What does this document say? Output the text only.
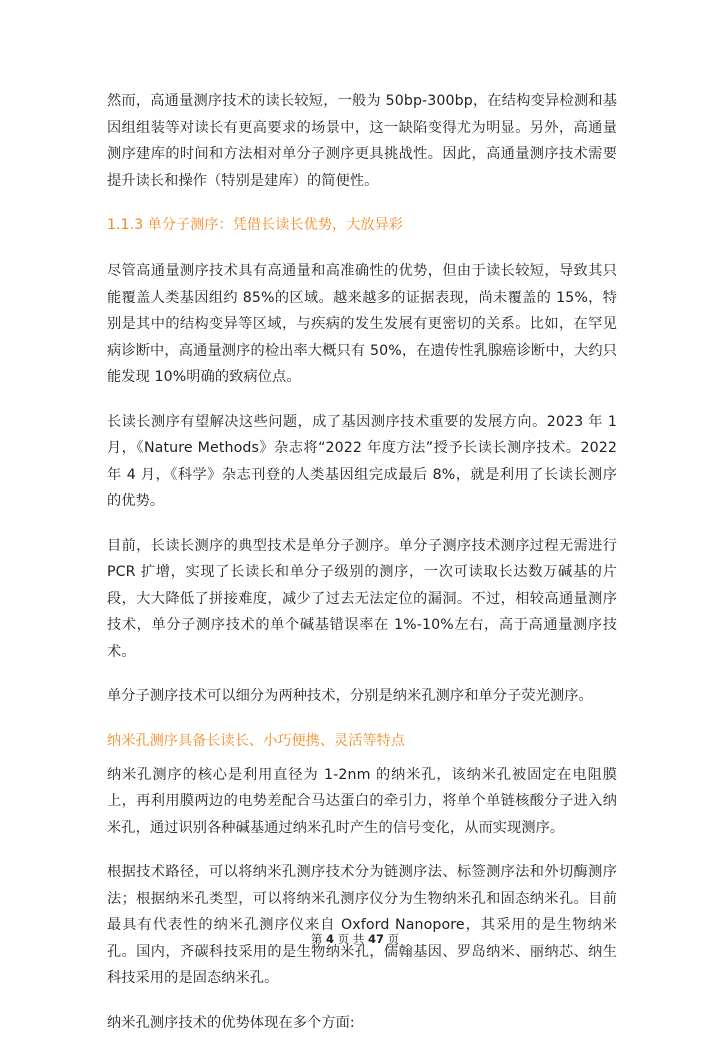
然而，高通量测序技术的读长较短，一般为 50bp-300bp，在结构变异检测和基因组组装等对读长有更高要求的场景中，这一缺陷变得尤为明显。另外，高通量测序建库的时间和方法相对单分子测序更具挑战性。因此，高通量测序技术需要提升读长和操作（特别是建库）的简便性。

1.1.3 单分子测序：凭借长读长优势，大放异彩

尽管高通量测序技术具有高通量和高准确性的优势，但由于读长较短，导致其只能覆盖人类基因组约 85%的区域。越来越多的证据表现，尚未覆盖的 15%，特别是其中的结构变异等区域，与疾病的发生发展有更密切的关系。比如，在罕见病诊断中，高通量测序的检出率大概只有 50%，在遗传性乳腺癌诊断中，大约只能发现 10%明确的致病位点。

长读长测序有望解决这些问题，成了基因测序技术重要的发展方向。2023 年 1 月，《Nature Methods》杂志将“2022 年度方法”授予长读长测序技术。2022 年 4 月，《科学》杂志刊登的人类基因组完成最后 8%，就是利用了长读长测序的优势。

目前，长读长测序的典型技术是单分子测序。单分子测序技术测序过程无需进行 PCR 扩增，实现了长读长和单分子级别的测序，一次可读取长达数万碱基的片段，大大降低了拼接难度，减少了过去无法定位的漏洞。不过，相较高通量测序技术，单分子测序技术的单个碱基错误率在 1%-10%左右，高于高通量测序技术。

单分子测序技术可以细分为两种技术，分别是纳米孔测序和单分子荧光测序。

纳米孔测序具备长读长、小巧便携、灵活等特点

纳米孔测序的核心是利用直径为 1-2nm 的纳米孔，该纳米孔被固定在电阻膜上，再利用膜两边的电势差配合马达蛋白的牵引力，将单个单链核酸分子进入纳米孔，通过识别各种碱基通过纳米孔时产生的信号变化，从而实现测序。

根据技术路径，可以将纳米孔测序技术分为链测序法、标签测序法和外切酶测序法；根据纳米孔类型，可以将纳米孔测序仪分为生物纳米孔和固态纳米孔。目前最具有代表性的纳米孔测序仪来自 Oxford Nanopore，其采用的是生物纳米孔。国内，齐碳科技采用的是生物纳米孔，儒翰基因、罗岛纳米、丽纳芯、纳生科技采用的是固态纳米孔。

纳米孔测序技术的优势体现在多个方面:

第 4 页 共 47 页
